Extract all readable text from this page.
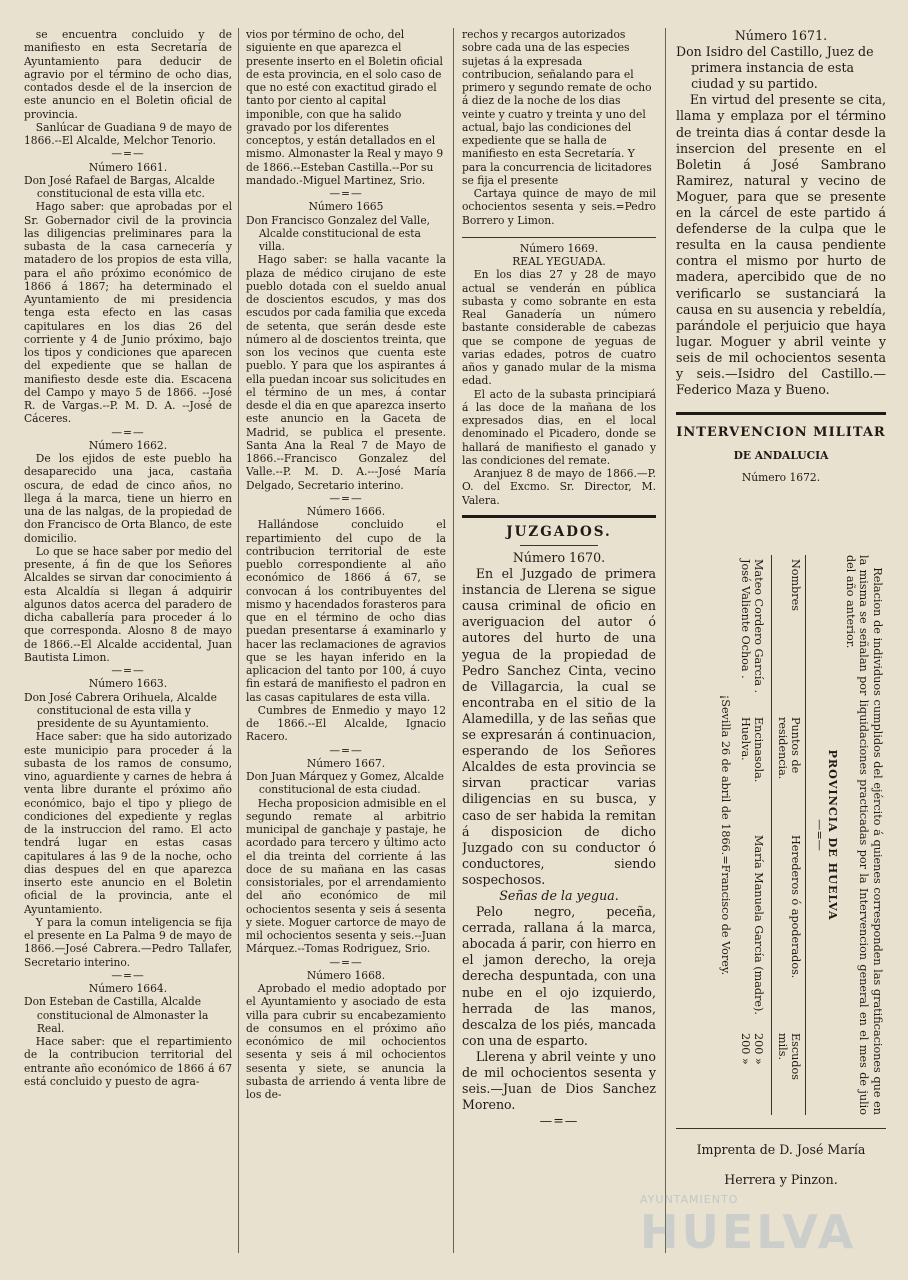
se encuentra concluido y de manifiesto en esta Secretaría de Ayuntamiento para deducir de agravio por el término de ocho dias, contados desde el de la insercion de este anuncio en el Boletin oficial de provincia.

Sanlúcar de Guadiana 9 de mayo de 1866.--El Alcalde, Melchor Tenorio.

—=—

Número 1661.

Don José Rafael de Bargas, Alcalde constitucional de esta villa etc.

Hago saber: que aprobadas por el Sr. Gobernador civil de la provincia las diligencias preliminares para la subasta de la casa carnecería y matadero de los propios de esta villa, para el año próximo económico de 1866 á 1867; ha determinado el Ayuntamiento de mi presidencia tenga esta efecto en las casas capitulares en los dias 26 del corriente y 4 de Junio próximo, bajo los tipos y condiciones que aparecen del expediente que se hallan de manifiesto desde este dia. Escacena del Campo y mayo 5 de 1866. --José R. de Vargas.--P. M. D. A. --José de Cáceres.

—=—

Número 1662.

De los ejidos de este pueblo ha desaparecido una jaca, castaña oscura, de edad de cinco años, no llega á la marca, tiene un hierro en una de las nalgas, de la propiedad de don Francisco de Orta Blanco, de este domicilio.

Lo que se hace saber por medio del presente, á fin de que los Señores Alcaldes se sirvan dar conocimiento á esta Alcaldía si llegan á adquirir algunos datos acerca del paradero de dicha caballería para proceder á lo que corresponda. Alosno 8 de mayo de 1866.--El Alcalde accidental, Juan Bautista Limon.

—=—

Número 1663.

Don José Cabrera Orihuela, Alcalde constitucional de esta villa y presidente de su Ayuntamiento.

Hace saber: que ha sido autorizado este municipio para proceder á la subasta de los ramos de consumo, vino, aguardiente y carnes de hebra á venta libre durante el próximo año económico, bajo el tipo y pliego de condiciones del expediente y reglas de la instruccion del ramo. El acto tendrá lugar en estas casas capitulares á las 9 de la noche, ocho dias despues del en que aparezca inserto este anuncio en el Boletin oficial de la provincia, ante el Ayuntamiento.

Y para la comun inteligencia se fija el presente en La Palma 9 de mayo de 1866.—José Cabrera.—Pedro Tallafer, Secretario interino.

—=—

Número 1664.

Don Esteban de Castilla, Alcalde constitucional de Almonaster la Real.

Hace saber: que el repartimiento de la contribucion territorial del entrante año económico de 1866 á 67 está concluido y puesto de agra-

vios por término de ocho, del siguiente en que aparezca el presente inserto en el Boletin oficial de esta provincia, en el solo caso de que no esté con exactitud girado el tanto por ciento al capital imponible, con que ha salido gravado por los diferentes conceptos, y están detallados en el mismo. Almonaster la Real y mayo 9 de 1866.--Esteban Castilla.--Por su mandado.-Miguel Martinez, Srio.

—=—

Número 1665

Don Francisco Gonzalez del Valle, Alcalde constitucional de esta villa.

Hago saber: se halla vacante la plaza de médico cirujano de este pueblo dotada con el sueldo anual de doscientos escudos, y mas dos escudos por cada familia que exceda de setenta, que serán desde este número al de doscientos treinta, que son los vecinos que cuenta este pueblo. Y para que los aspirantes á ella puedan incoar sus solicitudes en el término de un mes, á contar desde el dia en que aparezca inserto este anuncio en la Gaceta de Madrid, se publica el presente. Santa Ana la Real 7 de Mayo de 1866.--Francisco Gonzalez del Valle.--P. M. D. A.---José María Delgado, Secretario interino.

—=—

Número 1666.

Hallándose concluido el repartimiento del cupo de la contribucion territorial de este pueblo correspondiente al año económico de 1866 á 67, se convocan á los contribuyentes del mismo y hacendados forasteros para que en el término de ocho dias puedan presentarse á examinarlo y hacer las reclamaciones de agravios que se les hayan inferido en la aplicacion del tanto por 100, á cuyo fin estará de manifiesto el padron en las casas capitulares de esta villa.

Cumbres de Enmedio y mayo 12 de 1866.--El Alcalde, Ignacio Racero.

—=—

Número 1667.

Don Juan Márquez y Gomez, Alcalde constitucional de esta ciudad.

Hecha proposicion admisible en el segundo remate al arbitrio municipal de ganchaje y pastaje, he acordado para tercero y último acto el dia treinta del corriente á las doce de su mañana en las casas consistoriales, por el arrendamiento del año económico de mil ochocientos sesenta y seis á sesenta y siete. Moguer cartorce de mayo de mil ochocientos sesenta y seis.--Juan Márquez.--Tomas Rodriguez, Srio.

—=—

Número 1668.

Aprobado el medio adoptado por el Ayuntamiento y asociado de esta villa para cubrir su encabezamiento de consumos en el próximo año económico de mil ochocientos sesenta y seis á mil ochocientos sesenta y siete, se anuncia la subasta de arriendo á venta libre de los de-

rechos y recargos autorizados sobre cada una de las especies sujetas á la expresada contribucion, señalando para el primero y segundo remate de ocho á diez de la noche de los dias veinte y cuatro y treinta y uno del actual, bajo las condiciones del expediente que se halla de manifiesto en esta Secretaría. Y para la concurrencia de licitadores se fija el presente

Cartaya quince de mayo de mil ochocientos sesenta y seis.=Pedro Borrero y Limon.

Número 1669.

REAL YEGUADA.

En los dias 27 y 28 de mayo actual se venderán en pública subasta y como sobrante en esta Real Ganadería un número bastante considerable de cabezas que se compone de yeguas de varias edades, potros de cuatro años y ganado mular de la misma edad.

El acto de la subasta principiará á las doce de la mañana de los expresados dias, en el local denominado el Picadero, donde se hallará de manifiesto el ganado y las condiciones del remate.

Aranjuez 8 de mayo de 1866.—P. O. del Excmo. Sr. Director, M. Valera.

JUZGADOS.

Número 1670.

En el Juzgado de primera instancia de Llerena se sigue causa criminal de oficio en averiguacion del autor ó autores del hurto de una yegua de la propiedad de Pedro Sanchez Cinta, vecino de Villagarcia, la cual se encontraba en el sitio de la Alamedilla, y de las señas que se expresarán á continuacion, esperando de los Señores Alcaldes de esta provincia se sirvan practicar varias diligencias en su busca, y caso de ser habida la remitan á disposicion de dicho Juzgado con su conductor ó conductores, siendo sospechosos.

Señas de la yegua.

Pelo negro, peceña, cerrada, rallana á la marca, abocada á parir, con hierro en el jamon derecho, la oreja derecha despuntada, con una nube en el ojo izquierdo, herrada de las manos, descalza de los piés, mancada con una de esparto.

Llerena y abril veinte y uno de mil ochocientos sesenta y seis.—Juan de Dios Sanchez Moreno.

—=—

Número 1671.

Don Isidro del Castillo, Juez de primera instancia de esta ciudad y su partido.

En virtud del presente se cita, llama y emplaza por el término de treinta dias á contar desde la insercion del presente en el Boletin á José Sambrano Ramirez, natural y vecino de Moguer, para que se presente en la cárcel de este partido á defenderse de la culpa que le resulta en la causa pendiente contra el mismo por hurto de madera, apercibido que de no verificarlo se sustanciará la causa en su ausencia y rebeldía, parándole el perjuicio que haya lugar. Moguer y abril veinte y seis de mil ochocientos sesenta y seis.—Isidro del Castillo.—Federico Maza y Bueno.

INTERVENCION MILITAR
DE ANDALUCIA
Número 1672.

Relacion de individuos cumplidos del ejército á quienes corresponden las gratificaciones que en la misma se señalan por liquidaciones practicadas por la Intervencion general en el mes de julio del año anterior.

PROVINCIA DE HUELVA

—=—

Nombres
Puntos de residencia.
Herederos ó apoderados.
Escudos mils.
Mateo Cordero García .
Encinasola.
María Manuela García (madre).
200 »
José Valiente Ochoa .
Huelva.
200 »

¡Sevilla 26 de abril de 1866.=Francisco de Vorey.

Imprenta de D. José María
Herrera y Pinzon.
AYUNTAMIENTO
HUELVA
